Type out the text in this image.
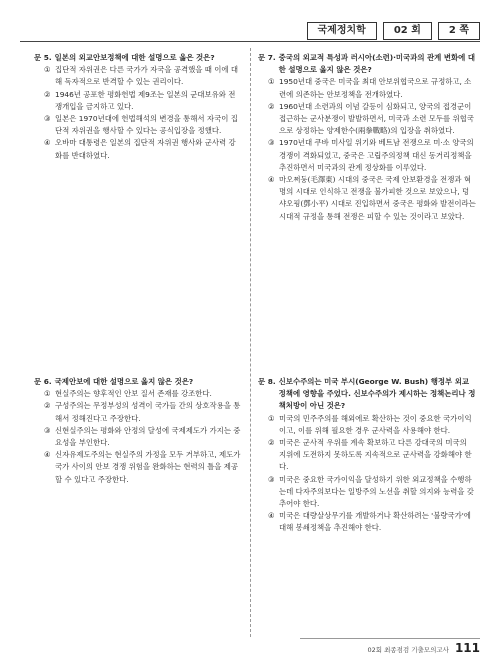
국제정치학	02 회	2 쪽
문 5. 일본의 외교안보정책에 대한 설명으로 옳은 것은?
① 집단적 자위권은 다른 국가가 자국을 공격했을 때 이에 대해 독자적으로 반격할 수 있는 권리이다.
② 1946년 공포한 평화헌법 제9조는 일본의 군대보유와 전쟁개입을 금지하고 있다.
③ 일본은 1970년대에 헌법해석의 변경을 통해서 자국이 집단적 자위권을 행사할 수 있다는 공식입장을 정했다.
④ 오바마 대통령은 일본의 집단적 자위권 행사와 군사력 강화를 반대하였다.
문 7. 중국의 외교적 특성과 러시아(소련)·미국과의 관계 변화에 대한 설명으로 옳지 않은 것은?
① 1950년대 중국은 미국을 최대 안보위협국으로 규정하고, 소련에 의존하는 안보정책을 전개하였다.
② 1960년대 소련과의 이념 갈등이 심화되고, 양국의 접경군이 접근하는 군사분쟁이 발발하면서, 미국과 소련 모두를 위협국으로 상정하는 양제한수(兩拳戰略)의 입장을 취하였다.
③ 1970년대 쿠바 미사일 위기와 베트남 전쟁으로 미·소 양국의 경쟁이 격화되었고, 중국은 고립주의정책 대신 동거리정책을 추진하면서 미국과의 관계 정상화를 이루었다.
④ 마오쩌둥(毛澤東) 시대의 중국은 국제 안보환경을 전쟁과 혁명의 시대로 인식하고 전쟁을 불가피한 것으로 보았으나, 덩샤오핑(鄧小平) 시대로 진입하면서 중국은 평화와 발전이라는 시대적 규정을 통해 전쟁은 피할 수 있는 것이라고 보았다.
문 6. 국제안보에 대한 설명으로 옳지 않은 것은?
① 현실주의는 향후적인 안보 질서 존재를 강조한다.
② 구성주의는 무정부성의 성격이 국가들 간의 상호작용을 통해서 정해진다고 주장한다.
③ 신현실주의는 평화와 안정의 달성에 국제제도가 가지는 중요성을 부인한다.
④ 신자유제도주의는 현실주의 가정을 모두 거부하고, 제도가 국가 사이의 안보 경쟁 위험을 완화하는 현력의 틀을 제공할 수 있다고 주장한다.
문 8. 신보수주의는 미국 부시(George W. Bush) 행정부 외교정책에 영향을 주었다. 신보수주의가 제시하는 정책논리나 정책처방이 아닌 것은?
① 미국의 민주주의를 해외에로 확산하는 것이 중요한 국가이익이고, 이를 위해 필요한 경우 군사력을 사용해야 한다.
② 미국은 군사적 우위를 계속 확보하고 다른 강대국의 미국의 지위에 도전하지 못하도록 지속적으로 군사력을 강화해야 한다.
③ 미국은 중요한 국가이익을 달성하기 위한 외교정책을 수행하는데 다자주의보다는 일방주의 노선을 취할 의지와 능력을 갖추어야 한다.
④ 미국은 대량살상무기를 개발하거나 확산하려는 '불량국가'에 대해 봉쇄정책을 추진해야 한다.
02회 최종점검 기출모의고사 111
